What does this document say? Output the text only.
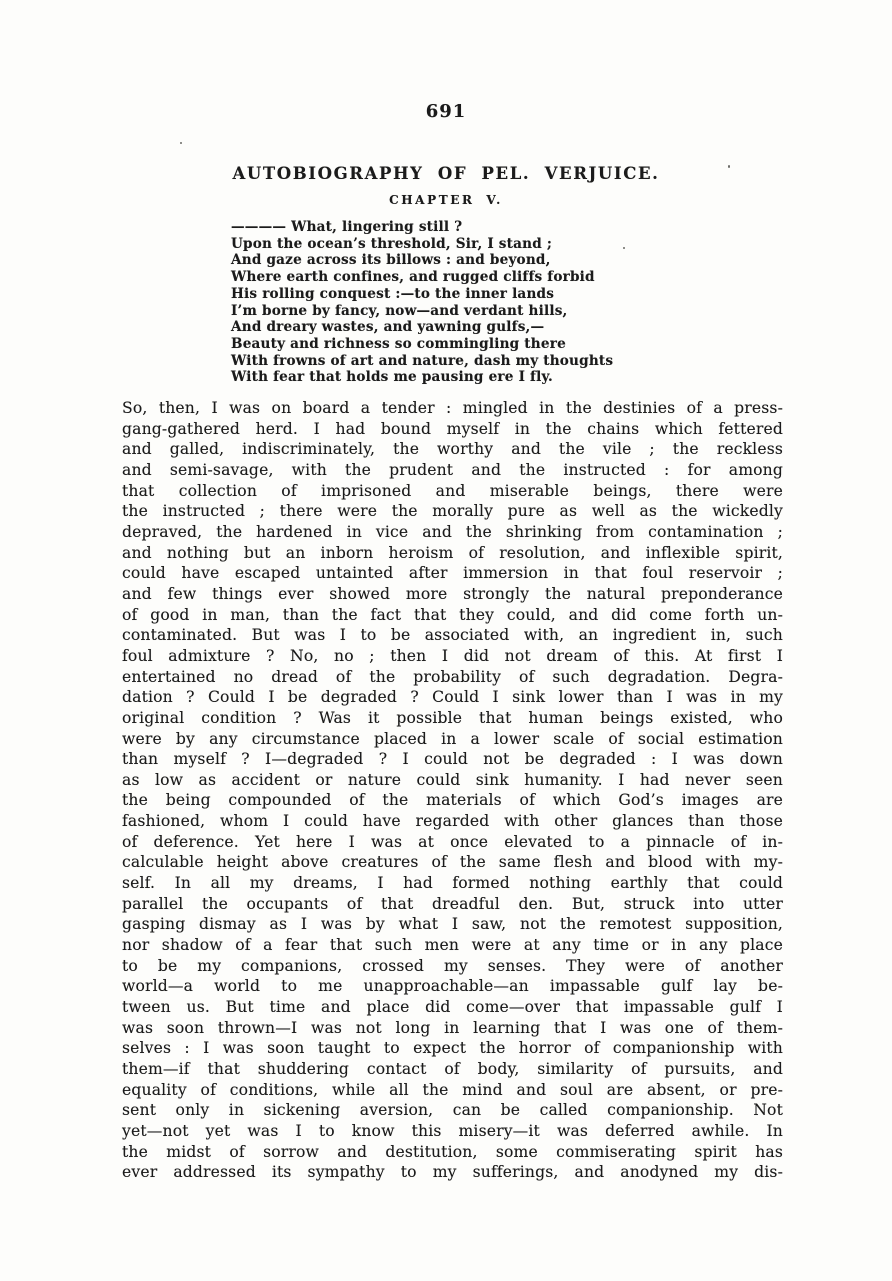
691
AUTOBIOGRAPHY OF PEL. VERJUICE.
CHAPTER V.
———— What, lingering still ?
Upon the ocean’s threshold, Sir, I stand ;
And gaze across its billows : and beyond,
Where earth confines, and rugged cliffs forbid
His rolling conquest :—to the inner lands
I’m borne by fancy, now—and verdant hills,
And dreary wastes, and yawning gulfs,—
Beauty and richness so commingling there
With frowns of art and nature, dash my thoughts
With fear that holds me pausing ere I fly.
So, then, I was on board a tender : mingled in the destinies of a press-
gang-gathered herd. I had bound myself in the chains which fettered
and galled, indiscriminately, the worthy and the vile ; the reckless
and semi-savage, with the prudent and the instructed : for among
that collection of imprisoned and miserable beings, there were
the instructed ; there were the morally pure as well as the wickedly
depraved, the hardened in vice and the shrinking from contamination ;
and nothing but an inborn heroism of resolution, and inflexible spirit,
could have escaped untainted after immersion in that foul reservoir ;
and few things ever showed more strongly the natural preponderance
of good in man, than the fact that they could, and did come forth un-
contaminated. But was I to be associated with, an ingredient in, such
foul admixture ? No, no ; then I did not dream of this. At first I
entertained no dread of the probability of such degradation. Degra-
dation ? Could I be degraded ? Could I sink lower than I was in my
original condition ? Was it possible that human beings existed, who
were by any circumstance placed in a lower scale of social estimation
than myself ? I—degraded ? I could not be degraded : I was down
as low as accident or nature could sink humanity. I had never seen
the being compounded of the materials of which God’s images are
fashioned, whom I could have regarded with other glances than those
of deference. Yet here I was at once elevated to a pinnacle of in-
calculable height above creatures of the same flesh and blood with my-
self. In all my dreams, I had formed nothing earthly that could
parallel the occupants of that dreadful den. But, struck into utter
gasping dismay as I was by what I saw, not the remotest supposition,
nor shadow of a fear that such men were at any time or in any place
to be my companions, crossed my senses. They were of another
world—a world to me unapproachable—an impassable gulf lay be-
tween us. But time and place did come—over that impassable gulf I
was soon thrown—I was not long in learning that I was one of them-
selves : I was soon taught to expect the horror of companionship with
them—if that shuddering contact of body, similarity of pursuits, and
equality of conditions, while all the mind and soul are absent, or pre-
sent only in sickening aversion, can be called companionship. Not
yet—not yet was I to know this misery—it was deferred awhile. In
the midst of sorrow and destitution, some commiserating spirit has
ever addressed its sympathy to my sufferings, and anodyned my dis-
